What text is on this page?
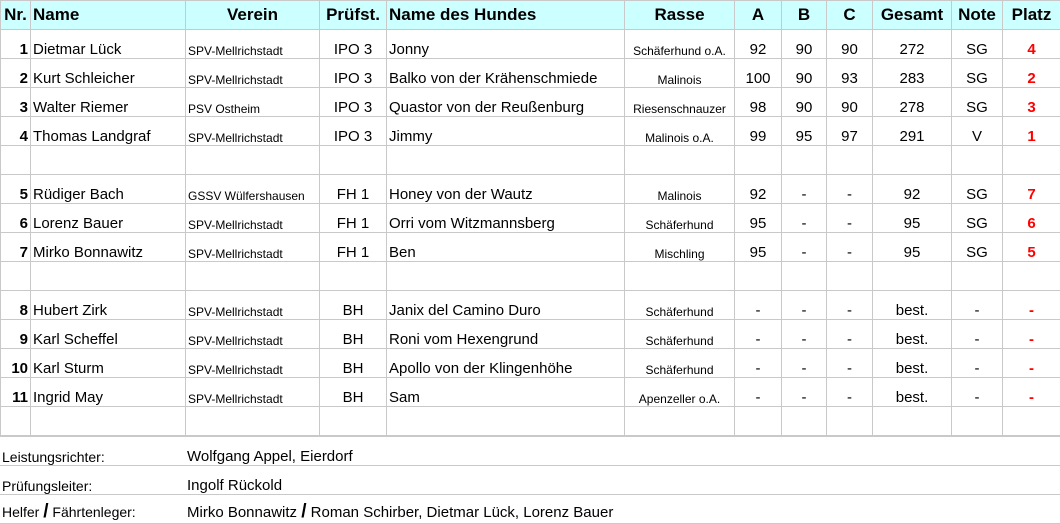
Nr.	Name	Verein	Prüfst.	Name des Hundes	Rasse	A	B	C	Gesamt	Note	Platz
1	Dietmar Lück	SPV-Mellrichstadt	IPO 3	Jonny	Schäferhund o.A.	92	90	90	272	SG	4
2	Kurt Schleicher	SPV-Mellrichstadt	IPO 3	Balko von der Krähenschmiede	Malinois	100	90	93	283	SG	2
3	Walter Riemer	PSV Ostheim	IPO 3	Quastor von der Reußenburg	Riesenschnauzer	98	90	90	278	SG	3
4	Thomas Landgraf	SPV-Mellrichstadt	IPO 3	Jimmy	Malinois o.A.	99	95	97	291	V	1

5	Rüdiger Bach	GSSV Wülfershausen	FH 1	Honey von der Wautz	Malinois	92	-	-	92	SG	7
6	Lorenz Bauer	SPV-Mellrichstadt	FH 1	Orri vom Witzmannsberg	Schäferhund	95	-	-	95	SG	6
7	Mirko Bonnawitz	SPV-Mellrichstadt	FH 1	Ben	Mischling	95	-	-	95	SG	5

8	Hubert Zirk	SPV-Mellrichstadt	BH	Janix del Camino Duro	Schäferhund	-	-	-	best.	-	-
9	Karl Scheffel	SPV-Mellrichstadt	BH	Roni vom Hexengrund	Schäferhund	-	-	-	best.	-	-
10	Karl Sturm	SPV-Mellrichstadt	BH	Apollo von der Klingenhöhe	Schäferhund	-	-	-	best.	-	-
11	Ingrid May	SPV-Mellrichstadt	BH	Sam	Apenzeller o.A.	-	-	-	best.	-	-

Leistungsrichter:	Wolfgang Appel, Eierdorf	
Prüfungsleiter:	Ingolf Rückold	
Helfer / Fährtenleger:	Mirko Bonnawitz / Roman Schirber, Dietmar Lück, Lorenz Bauer	
